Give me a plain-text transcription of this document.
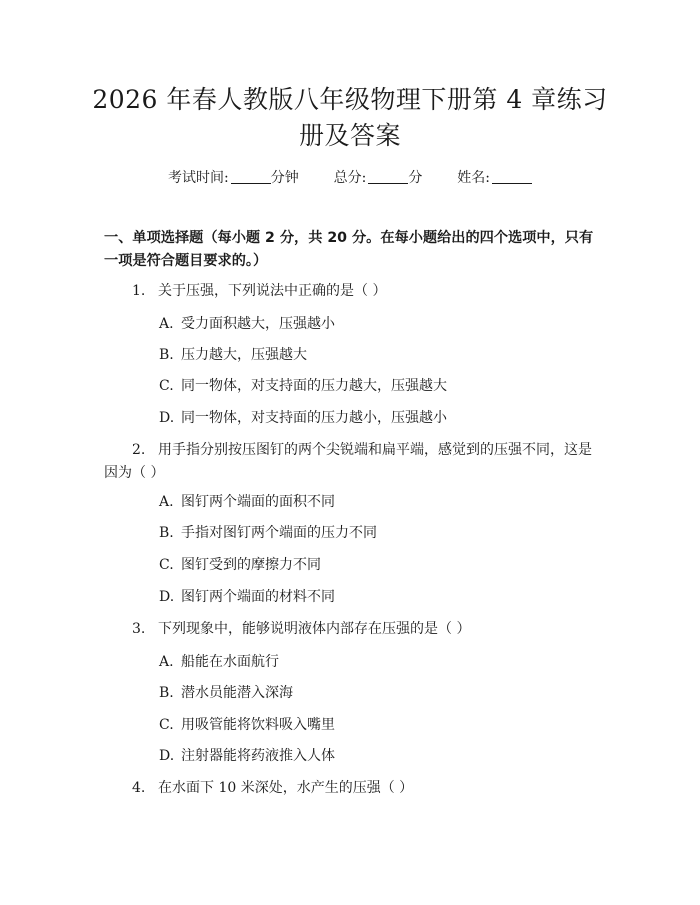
2026 年春人教版八年级物理下册第 4 章练习
册及答案
考试时间:	分钟 总分:	分 姓名:
一、单项选择题（每小题 2 分，共 20 分。在每小题给出的四个选项中，只有一项是符合题目要求的。）
1. 关于压强，下列说法中正确的是（ ）
A. 受力面积越大，压强越小
B. 压力越大，压强越大
C. 同一物体，对支持面的压力越大，压强越大
D. 同一物体，对支持面的压力越小，压强越小
2. 用手指分别按压图钉的两个尖锐端和扁平端，感觉到的压强不同，这是因为（ ）
A. 图钉两个端面的面积不同
B. 手指对图钉两个端面的压力不同
C. 图钉受到的摩擦力不同
D. 图钉两个端面的材料不同
3. 下列现象中，能够说明液体内部存在压强的是（ ）
A. 船能在水面航行
B. 潜水员能潜入深海
C. 用吸管能将饮料吸入嘴里
D. 注射器能将药液推入人体
4. 在水面下 10 米深处，水产生的压强（ ）
